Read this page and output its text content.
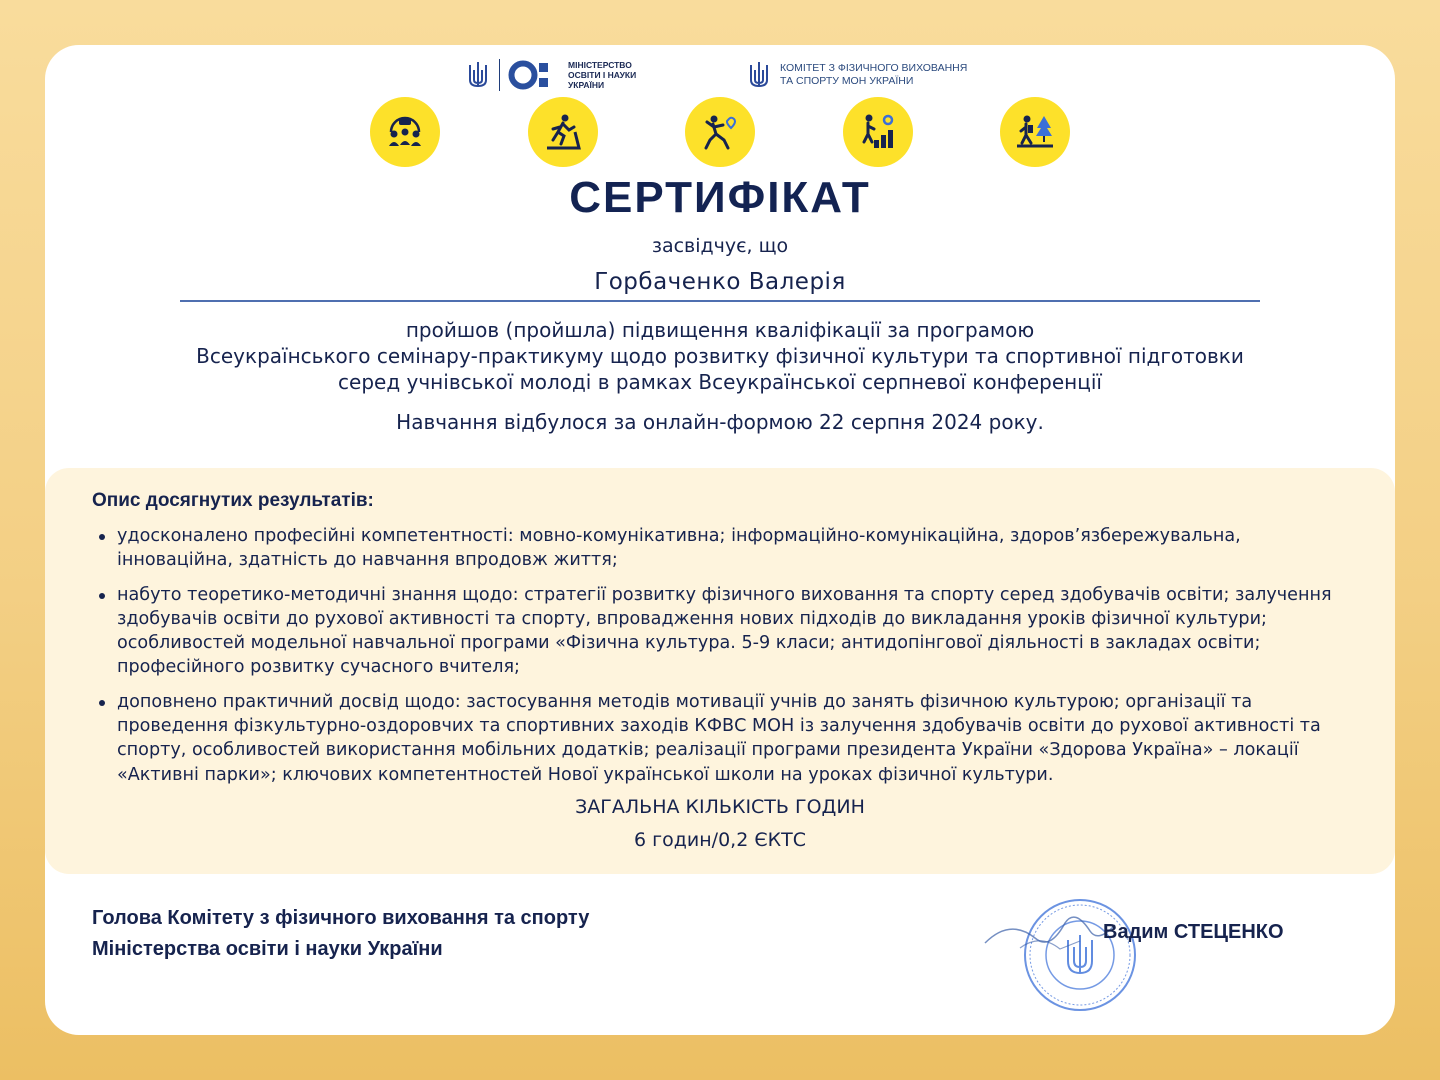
МІНІСТЕРСТВО
ОСВІТИ І НАУКИ
УКРАЇНИ
КОМІТЕТ З ФІЗИЧНОГО ВИХОВАННЯ
ТА СПОРТУ МОН УКРАЇНИ
СЕРТИФІКАТ
засвідчує, що
Горбаченко Валерія
пройшов (пройшла) підвищення кваліфікації за програмою
Всеукраїнського семінару-практикуму щодо розвитку фізичної культури та спортивної підготовки
серед учнівської молоді в рамках Всеукраїнської серпневої конференції
Навчання відбулося за онлайн-формою 22 серпня 2024 року.
Опис досягнутих результатів:
удосконалено професійні компетентності: мовно-комунікативна; інформаційно-комунікаційна, здоров’язбережувальна, інноваційна, здатність до навчання впродовж життя;
набуто теоретико-методичні знання щодо: стратегії розвитку фізичного виховання та спорту серед здобувачів освіти; залучення здобувачів освіти до рухової активності та спорту, впровадження нових підходів до викладання уроків фізичної культури; особливостей модельної навчальної програми «Фізична культура. 5-9 класи; антидопінгової діяльності в закладах освіти; професійного розвитку сучасного вчителя;
доповнено практичний досвід щодо: застосування методів мотивації учнів до занять фізичною культурою; організації та проведення фізкультурно-оздоровчих та спортивних заходів КФВС МОН із залучення здобувачів освіти до рухової активності та спорту, особливостей використання мобільних додатків; реалізації програми президента України «Здорова Україна» – локації «Активні парки»; ключових компетентностей Нової української школи на уроках фізичної культури.
ЗАГАЛЬНА КІЛЬКІСТЬ ГОДИН
6 годин/0,2 ЄКТС
Голова Комітету з фізичного виховання та спорту
Міністерства освіти і науки України
Вадим СТЕЦЕНКО
